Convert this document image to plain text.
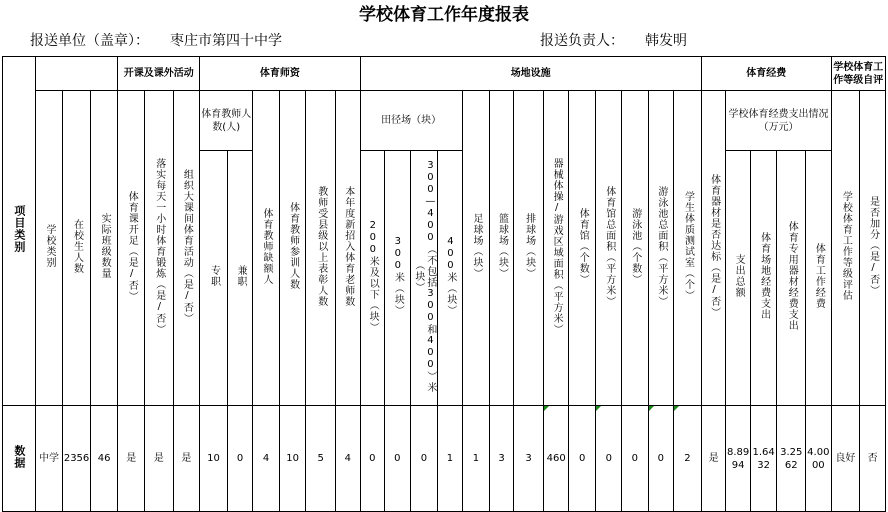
学校体育工作年度报表
报送单位（盖章）： 枣庄市第四十中学	报送负责人： 韩发明
项目类别				开课及课外活动			体育师资						场地设施													体育经费					学校体育工作等级自评	
	学校类别	在校生人数	实际班级数量	体育课开足（是/否）	落实每天一小时体育锻炼（是/否）	组织大课间体育活动（是/否）	体育教师人数(人)		体育教师缺额人	体育教师参训人数	教师受县级以上表彰人数	本年度新招入体育老师数	田径场（块）				足球场（块）	篮球场（块）	排球场（块）	器械体操/游戏区域面积（平方米）	体育馆（个数）	体育馆总面积（平方米）	游泳池（个数）	游泳池总面积（平方米）	学生体质测试室（个）	体育器材是否达标（是/否）	学校体育经费支出情况（万元）				学校体育工作等级评估	是否加分（是/否）

							专职	兼职					200米及以下（块）	300米（块）	300—400（不包括300和400）米（块）	400米（块）											支出总额	体育场地经费支出	体育专用器材经费支出	体育工作经费		
数据	中学	2356	46	是	是	是	10	0	4	10	5	4	0	0	0	1	1	3	3	460	0	0	0	0	2	是	8.8994	1.6432	3.2562	4.0000	良好	否
